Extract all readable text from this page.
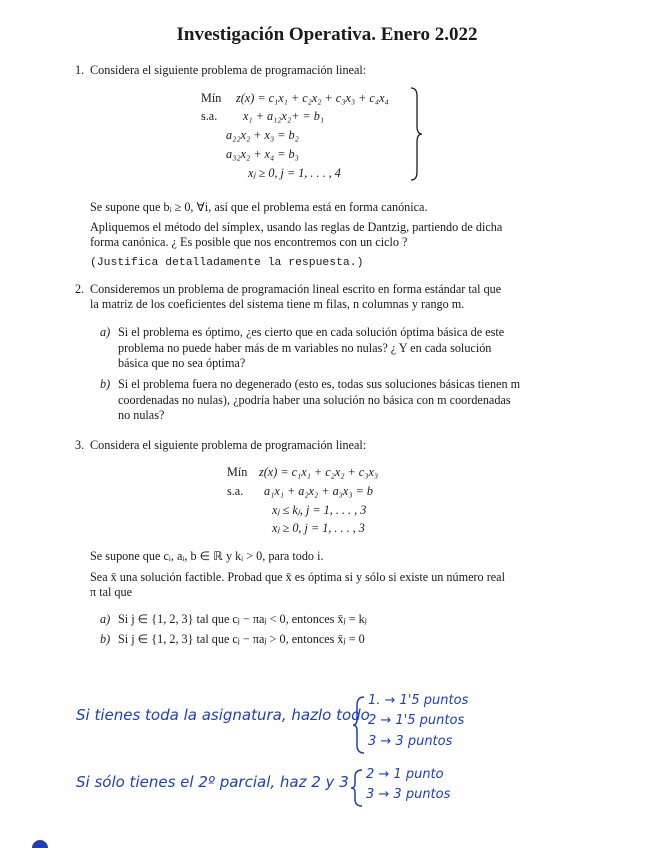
Investigación Operativa. Enero 2.022
1. Considera el siguiente problema de programación lineal:
Mín z(x) = c₁x₁ + c₂x₂ + c₃x₃ + c₄x₄
s.a. x₁ + a₁₂x₂+ = b₁
a₂₂x₂ + x₃ = b₂
a₃₂x₂ + x₄ = b₃
xⱼ ≥ 0, j = 1, . . . , 4
Se supone que bᵢ ≥ 0, ∀i, así que el problema está en forma canónica.
Apliquemos el método del símplex, usando las reglas de Dantzig, partiendo de dicha
forma canónica. ¿ Es posible que nos encontremos con un ciclo ?
(Justifica detalladamente la respuesta.)
2. Consideremos un problema de programación lineal escrito en forma estándar tal que
la matriz de los coeficientes del sistema tiene m filas, n columnas y rango m.
a) Si el problema es óptimo, ¿es cierto que en cada solución óptima básica de este
problema no puede haber más de m variables no nulas? ¿ Y en cada solución
básica que no sea óptima?
b) Si el problema fuera no degenerado (esto es, todas sus soluciones básicas tienen m
coordenadas no nulas), ¿podría haber una solución no básica con m coordenadas
no nulas?
3. Considera el siguiente problema de programación lineal:
Mín z(x) = c₁x₁ + c₂x₂ + c₃x₃
s.a. a₁x₁ + a₂x₂ + a₃x₃ = b
xⱼ ≤ kⱼ, j = 1, . . . , 3
xⱼ ≥ 0, j = 1, . . . , 3
Se supone que cᵢ, aᵢ, b ∈ ℝ y kᵢ > 0, para todo i.
Sea x̄ una solución factible. Probad que x̄ es óptima si y sólo si existe un número real
π tal que
a) Si j ∈ {1, 2, 3} tal que cⱼ − πaⱼ < 0, entonces x̄ⱼ = kⱼ
b) Si j ∈ {1, 2, 3} tal que cⱼ − πaⱼ > 0, entonces x̄ⱼ = 0
Si tienes toda la asignatura, hazlo todo
1. → 1'5 puntos
2 → 1'5 puntos
3 → 3 puntos
Si sólo tienes el 2º parcial, haz 2 y 3 2 → 1 punto
3 → 3 puntos
